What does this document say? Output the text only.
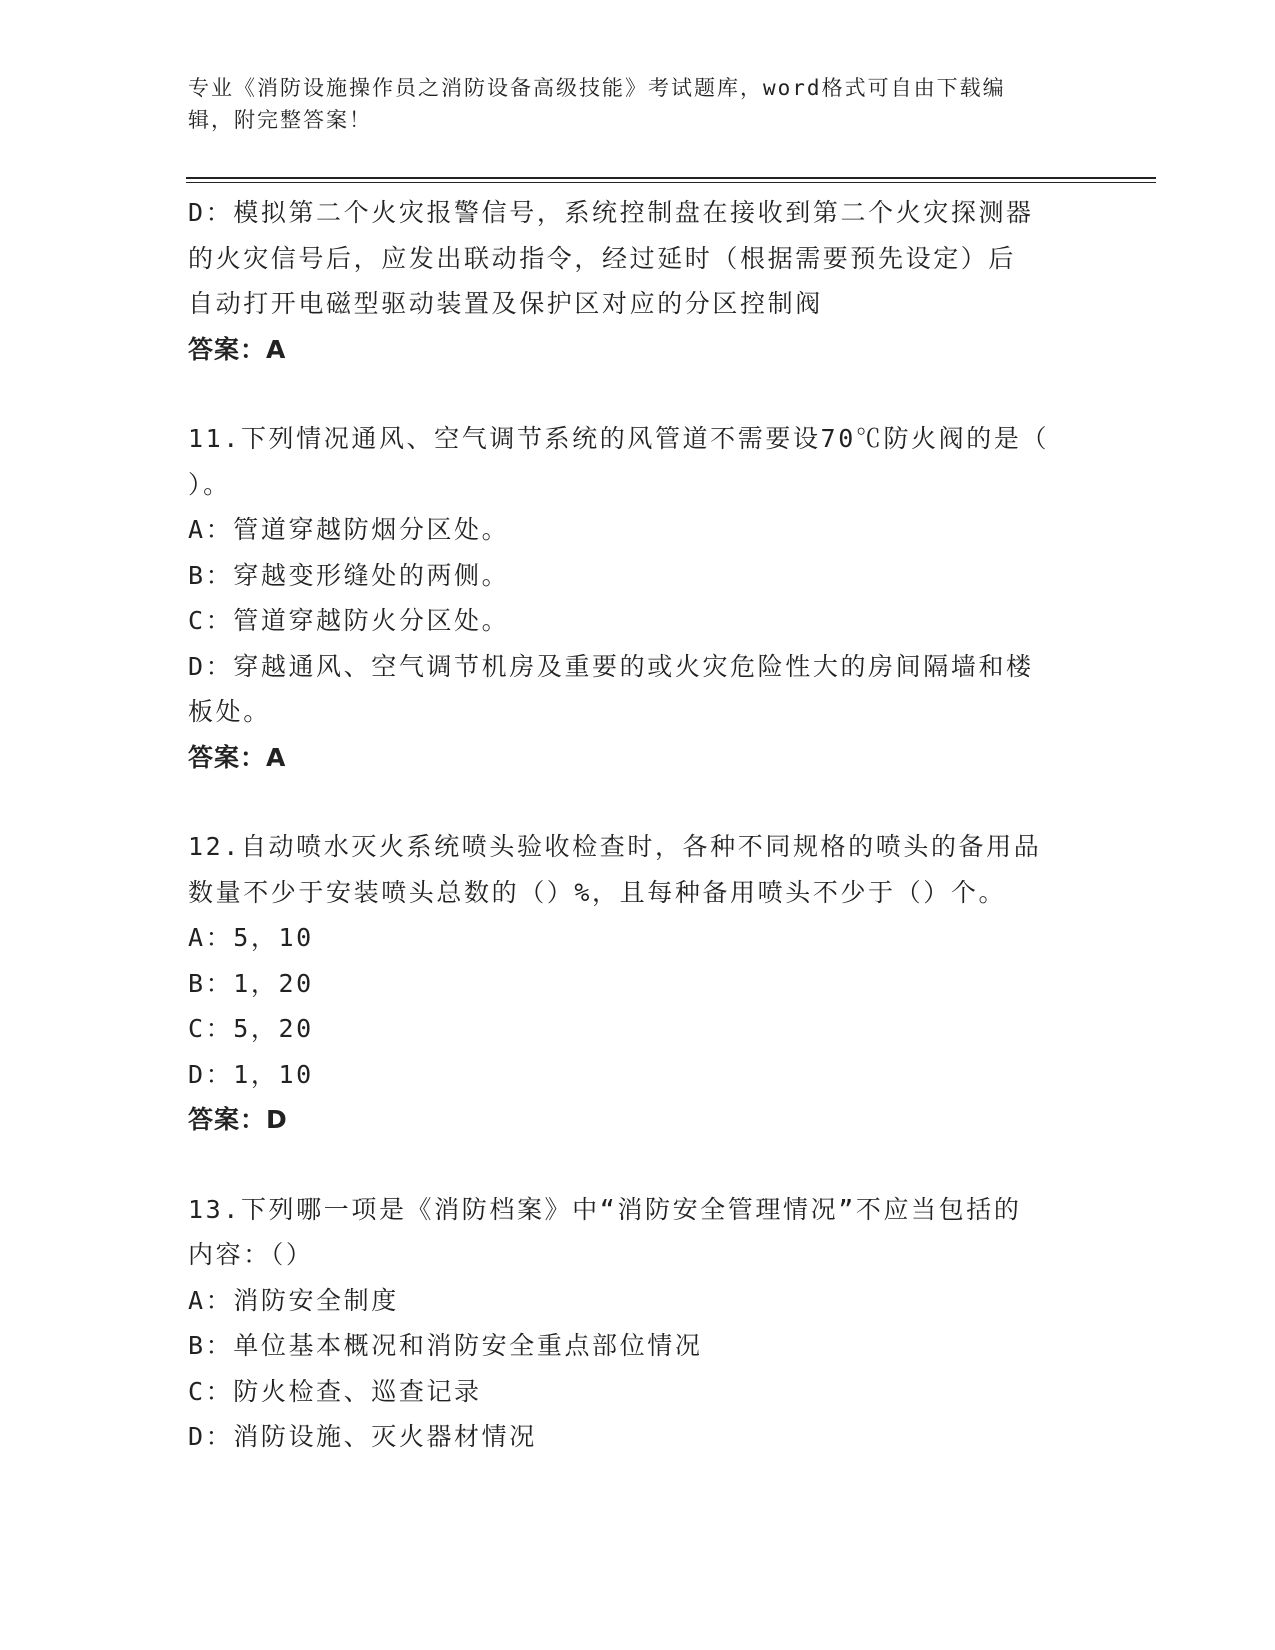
专业《消防设施操作员之消防设备高级技能》考试题库，word格式可自由下载编
辑，附完整答案！
D：模拟第二个火灾报警信号，系统控制盘在接收到第二个火灾探测器
的火灾信号后，应发出联动指令，经过延时（根据需要预先设定）后
自动打开电磁型驱动装置及保护区对应的分区控制阀
答案：A
11.下列情况通风、空气调节系统的风管道不需要设70℃防火阀的是（
）。
A：管道穿越防烟分区处。
B：穿越变形缝处的两侧。
C：管道穿越防火分区处。
D：穿越通风、空气调节机房及重要的或火灾危险性大的房间隔墙和楼
板处。
答案：A
12.自动喷水灭火系统喷头验收检查时，各种不同规格的喷头的备用品
数量不少于安装喷头总数的（）%，且每种备用喷头不少于（）个。
A：5，10
B：1，20
C：5，20
D：1，10
答案：D
13.下列哪一项是《消防档案》中“消防安全管理情况”不应当包括的
内容：（）
A：消防安全制度
B：单位基本概况和消防安全重点部位情况
C：防火检查、巡查记录
D：消防设施、灭火器材情况
